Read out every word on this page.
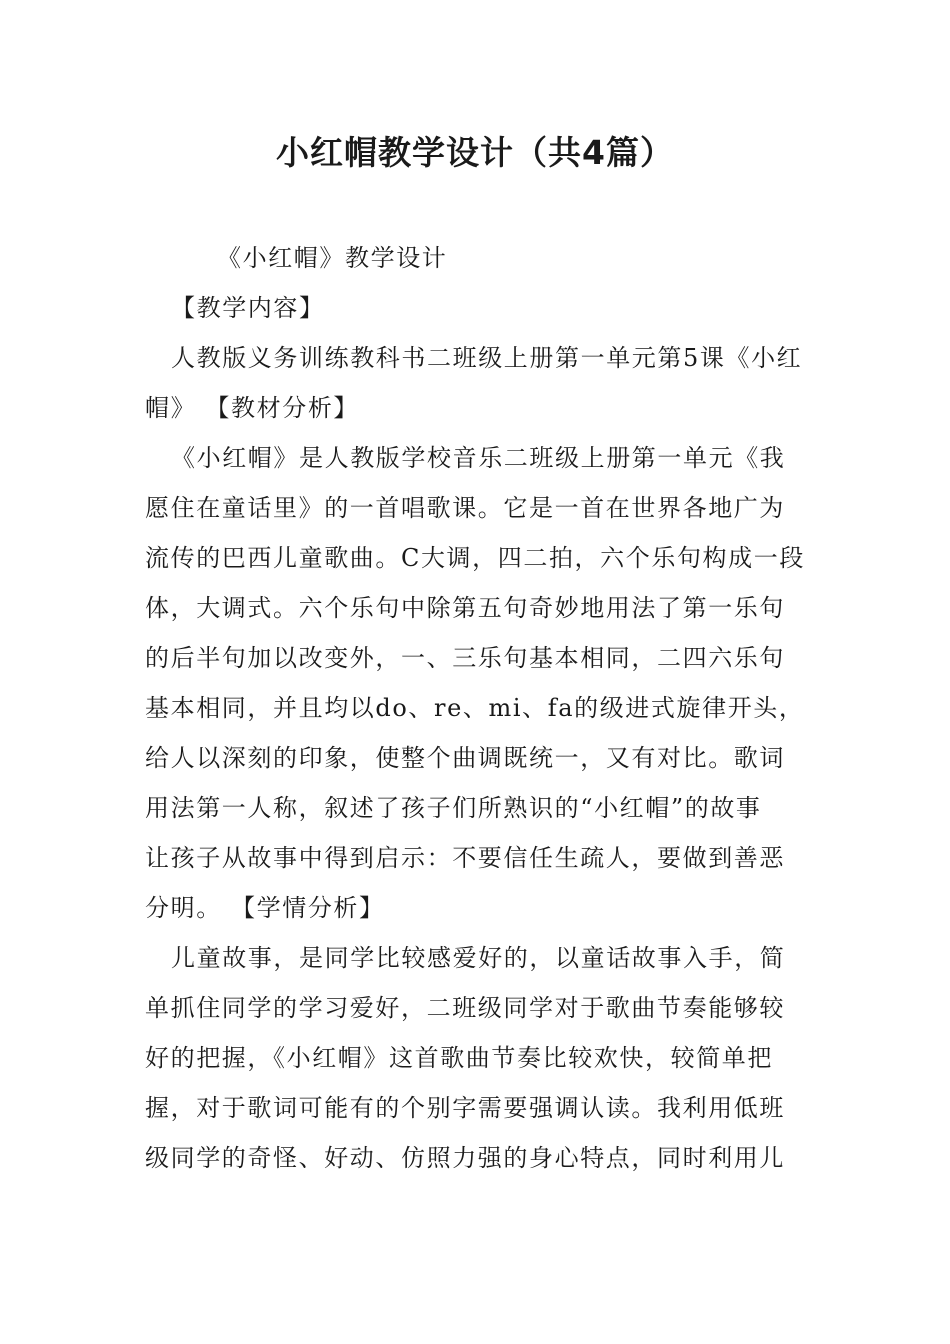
小红帽教学设计（共4篇）
《小红帽》教学设计
【教学内容】
人教版义务训练教科书二班级上册第一单元第5课《小红
帽》 【教材分析】
《小红帽》是人教版学校音乐二班级上册第一单元《我
愿住在童话里》的一首唱歌课。它是一首在世界各地广为
流传的巴西儿童歌曲。C大调，四二拍，六个乐句构成一段
体，大调式。六个乐句中除第五句奇妙地用法了第一乐句
的后半句加以改变外，一、三乐句基本相同，二四六乐句
基本相同，并且均以do、re、mi、fa的级进式旋律开头，
给人以深刻的印象，使整个曲调既统一，又有对比。歌词
用法第一人称，叙述了孩子们所熟识的“小红帽”的故事
让孩子从故事中得到启示：不要信任生疏人，要做到善恶
分明。 【学情分析】
儿童故事，是同学比较感爱好的，以童话故事入手，简
单抓住同学的学习爱好，二班级同学对于歌曲节奏能够较
好的把握，《小红帽》这首歌曲节奏比较欢快，较简单把
握，对于歌词可能有的个别字需要强调认读。我利用低班
级同学的奇怪、好动、仿照力强的身心特点，同时利用儿
